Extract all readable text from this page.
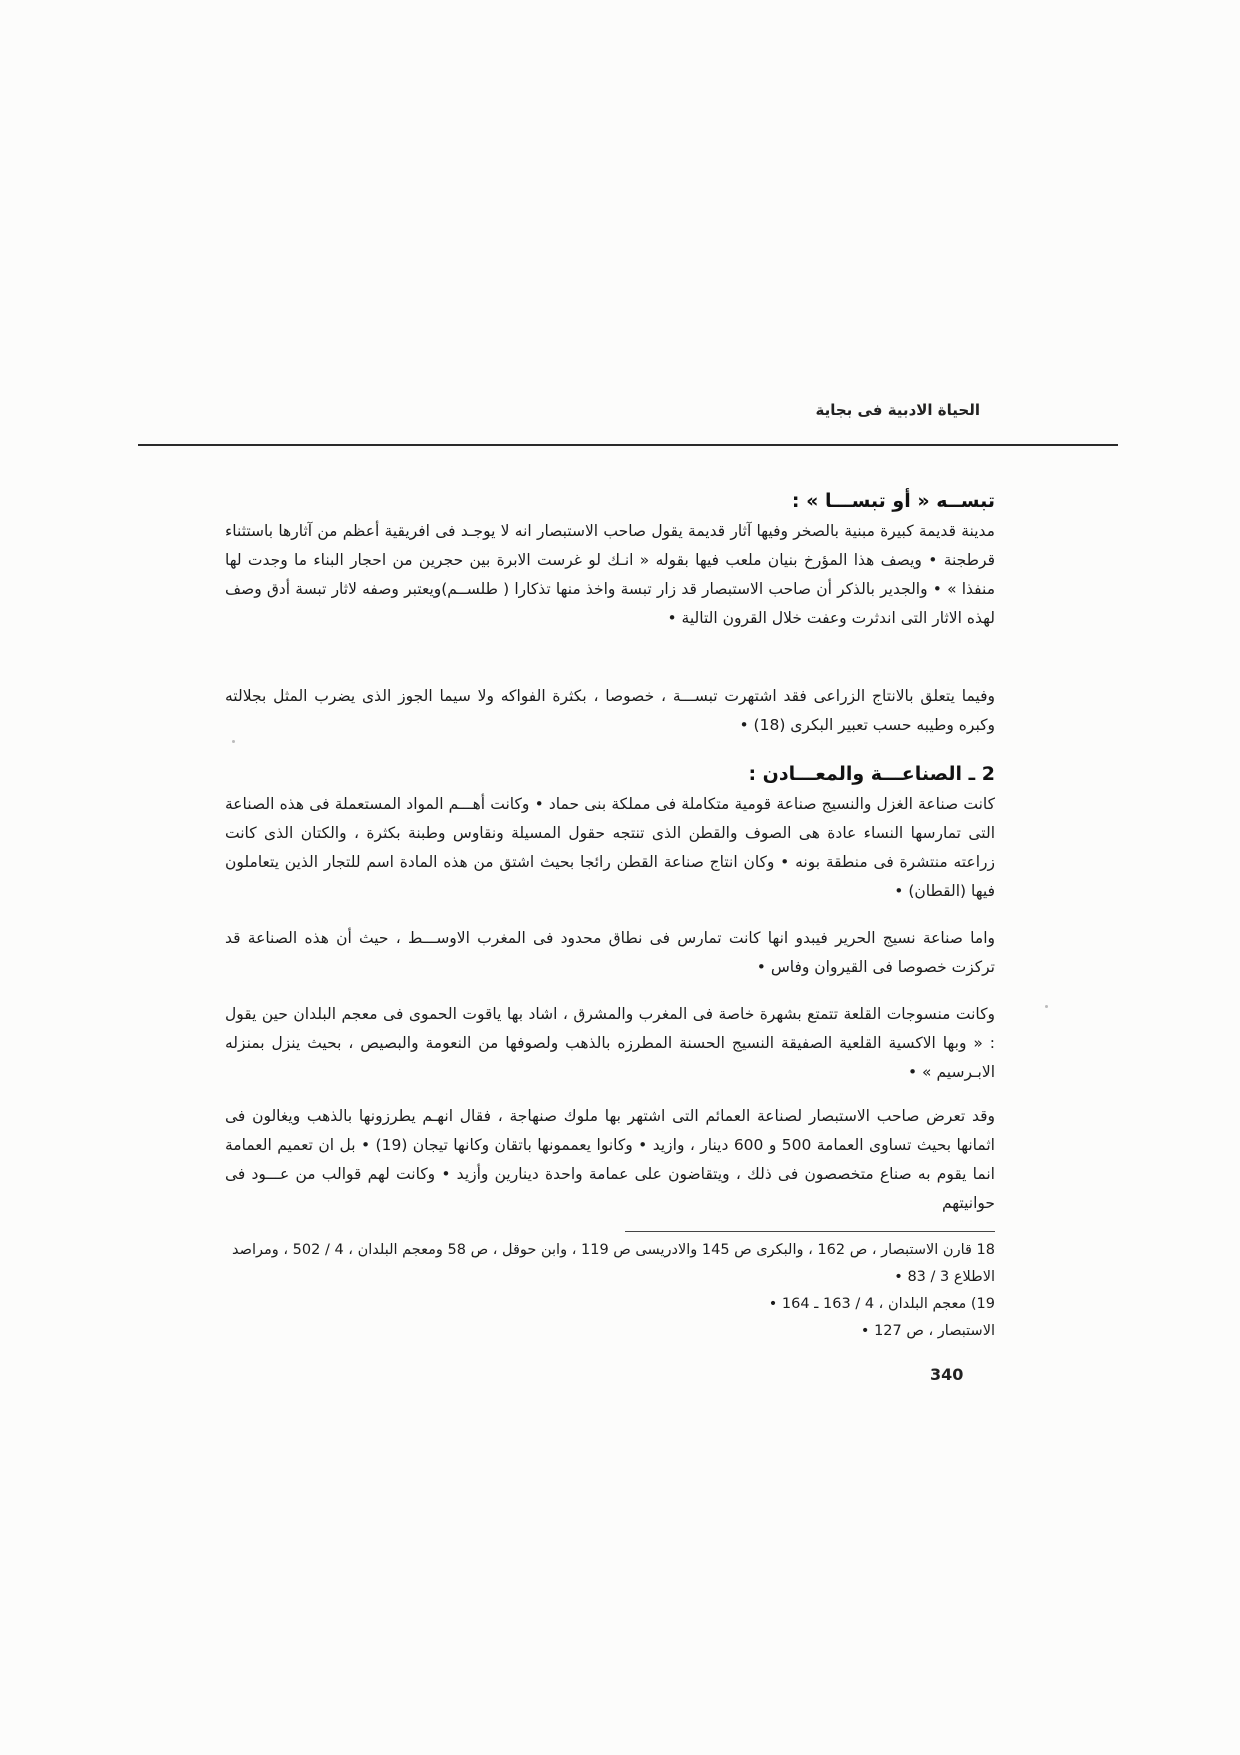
الحياة الادبية فى بجاية
تبســه « أو تبســـا » :
مدينة قديمة كبيرة مبنية بالصخر وفيها آثار قديمة يقول صاحب الاستبصار انه لا يوجـد فى افريقية أعظم من آثارها باستثناء قرطجنة • ويصف هذا المؤرخ بنيان ملعب فيها بقوله « انـك لو غرست الابرة بين حجرين من احجار البناء ما وجدت لها منفذا » • والجدير بالذكر أن صاحب الاستبصار قد زار تبسة واخذ منها تذكارا ( طلســم)ويعتبر وصفه لاثار تبسة أدق وصف لهذه الاثار التى اندثرت وعفت خلال القرون التالية •
وفيما يتعلق بالانتاج الزراعى فقد اشتهرت تبســـة ، خصوصا ، بكثرة الفواكه ولا سيما الجوز الذى يضرب المثل بجلالته وكبره وطيبه حسب تعبير البكرى (18) •
2 ـ الصناعـــة والمعـــادن :
كانت صناعة الغزل والنسيج صناعة قومية متكاملة فى مملكة بنى حماد • وكانت أهـــم المواد المستعملة فى هذه الصناعة التى تمارسها النساء عادة هى الصوف والقطن الذى تنتجه حقول المسيلة ونقاوس وطبنة بكثرة ، والكتان الذى كانت زراعته منتشرة فى منطقة بونه • وكان انتاج صناعة القطن رائجا بحيث اشتق من هذه المادة اسم للتجار الذين يتعاملون فيها (القطان) •
واما صناعة نسيج الحرير فيبدو انها كانت تمارس فى نطاق محدود فى المغرب الاوســـط ، حيث أن هذه الصناعة قد تركزت خصوصا فى القيروان وفاس •
وكانت منسوجات القلعة تتمتع بشهرة خاصة فى المغرب والمشرق ، اشاد بها ياقوت الحموى فى معجم البلدان حين يقول : « وبها الاكسية القلعية الصفيقة النسيج الحسنة المطرزه بالذهب ولصوفها من النعومة والبصيص ، بحيث ينزل بمنزله الابـرسيم » •
وقد تعرض صاحب الاستبصار لصناعة العمائم التى اشتهر بها ملوك صنهاجة ، فقال انهـم يطرزونها بالذهب ويغالون فى اثمانها بحيث تساوى العمامة 500 و 600 دينار ، وازيد • وكانوا يعممونها باتقان وكانها تيجان (19) • بل ان تعميم العمامة انما يقوم به صناع متخصصون فى ذلك ، ويتقاضون على عمامة واحدة دينارين وأزيد • وكانت لهم قوالب من عـــود فى حوانيتهم
18 قارن الاستبصار ، ص 162 ، والبكرى ص 145 والادريسى ص 119 ، وابن حوقل ، ص 58 ومعجم البلدان ، 4 / 502 ، ومراصد الاطلاع 3 / 83 •
19) معجم البلدان ، 4 / 163 ـ 164 •
الاستبصار ، ص 127 •
340
